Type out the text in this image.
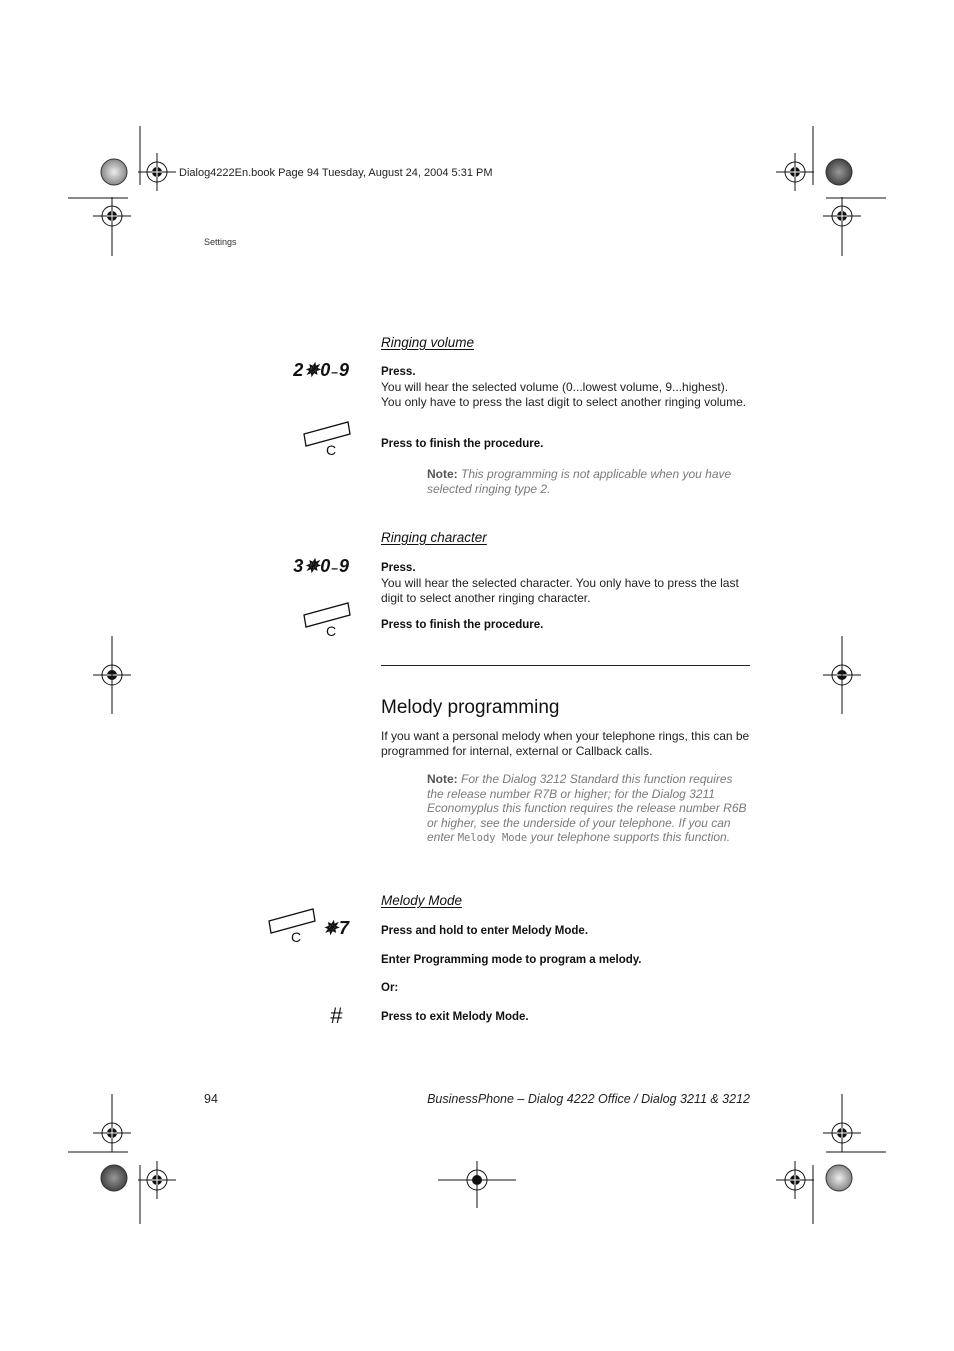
Dialog4222En.book Page 94 Tuesday, August 24, 2004 5:31 PM
Settings
Ringing volume
2✵0–9	Press.
You will hear the selected volume (0...lowest volume, 9...highest). You only have to press the last digit to select another ringing volume.
C	Press to finish the procedure.
Note: This programming is not applicable when you have selected ringing type 2.
Ringing character
3✵0–9	Press.
You will hear the selected character. You only have to press the last digit to select another ringing character.
C	Press to finish the procedure.
Melody programming
If you want a personal melody when your telephone rings, this can be programmed for internal, external or Callback calls.
Note: For the Dialog 3212 Standard this function requires the release number R7B or higher; for the Dialog 3211 Economyplus this function requires the release number R6B or higher, see the underside of your telephone. If you can enter Melody Mode your telephone supports this function.
Melody Mode
C	✵7	Press and hold to enter Melody Mode.
Enter Programming mode to program a melody.
Or:
#	Press to exit Melody Mode.
94	BusinessPhone – Dialog 4222 Office / Dialog 3211 & 3212
